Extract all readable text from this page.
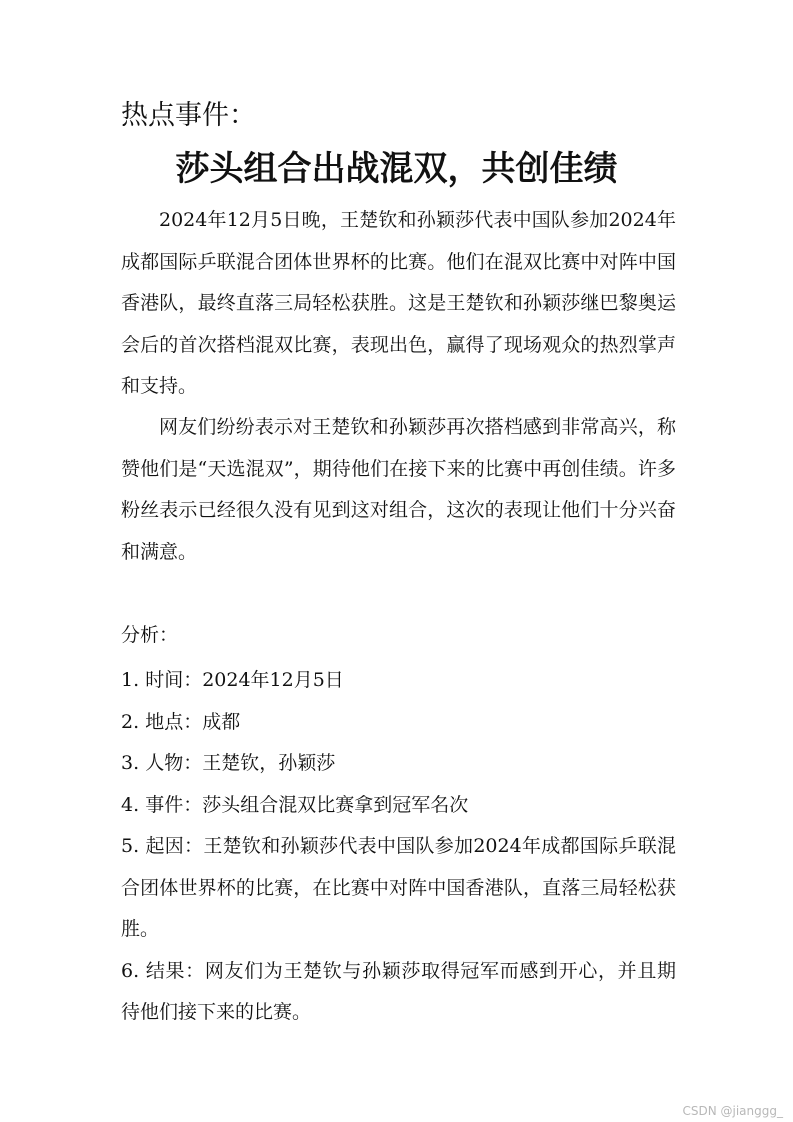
热点事件：
莎头组合出战混双，共创佳绩

2024年12月5日晚，王楚钦和孙颖莎代表中国队参加2024年成都国际乒联混合团体世界杯的比赛。他们在混双比赛中对阵中国香港队，最终直落三局轻松获胜。这是王楚钦和孙颖莎继巴黎奥运会后的首次搭档混双比赛，表现出色，赢得了现场观众的热烈掌声和支持。

网友们纷纷表示对王楚钦和孙颖莎再次搭档感到非常高兴，称赞他们是“天选混双”，期待他们在接下来的比赛中再创佳绩。许多粉丝表示已经很久没有见到这对组合，这次的表现让他们十分兴奋和满意。

分析：
1. 时间：2024年12月5日
2. 地点：成都
3. 人物：王楚钦，孙颖莎
4. 事件：莎头组合混双比赛拿到冠军名次
5. 起因：王楚钦和孙颖莎代表中国队参加2024年成都国际乒联混合团体世界杯的比赛，在比赛中对阵中国香港队，直落三局轻松获胜。
6. 结果：网友们为王楚钦与孙颖莎取得冠军而感到开心，并且期待他们接下来的比赛。
CSDN @jianggg_
